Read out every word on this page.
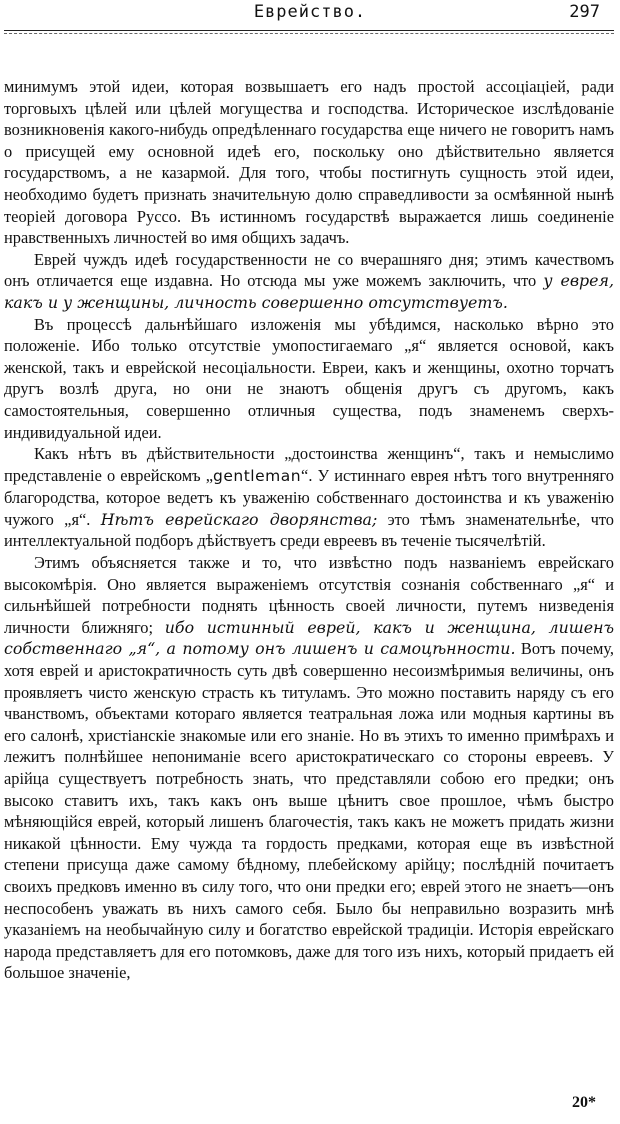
Еврейство.	297

минимумъ этой идеи, которая возвышаетъ его надъ простой ассоціаціей, ради торговыхъ цѣлей или цѣлей могущества и господства. Историческое изслѣдованіе возникновенія какого-нибудь опредѣленнаго государства еще ничего не говоритъ намъ о присущей ему основной идеѣ его, поскольку оно дѣйствительно является государствомъ, а не казармой. Для того, чтобы постигнуть сущность этой идеи, необходимо будетъ признать значительную долю справедливости за осмѣянной нынѣ теоріей договора Руссо. Въ истинномъ государствѣ выражается лишь соединеніе нравственныхъ личностей во имя общихъ задачъ.

Еврей чуждъ идеѣ государственности не со вчерашняго дня; этимъ качествомъ онъ отличается еще издавна. Но отсюда мы уже можемъ заключить, что у еврея, какъ и у женщины, личность совершенно отсутствуетъ.

Въ процессѣ дальнѣйшаго изложенія мы убѣдимся, насколько вѣрно это положеніе. Ибо только отсутствіе умопостигаемаго „я“ является основой, какъ женской, такъ и еврейской несоціальности. Евреи, какъ и женщины, охотно торчатъ другъ возлѣ друга, но они не знаютъ общенія другъ съ другомъ, какъ самостоятельныя, совершенно отличныя существа, подъ знаменемъ сверхъ-индивидуальной идеи.

Какъ нѣтъ въ дѣйствительности „достоинства женщинъ“, такъ и немыслимо представленіе о еврейскомъ „gentleman“. У истиннаго еврея нѣтъ того внутренняго благородства, которое ведетъ къ уваженію собственнаго достоинства и къ уваженію чужого „я“. Нѣтъ еврейскаго дворянства; это тѣмъ знаменательнѣе, что интеллектуальной подборъ дѣйствуетъ среди евреевъ въ теченіе тысячелѣтій.

Этимъ объясняется также и то, что извѣстно подъ названіемъ еврейскаго высокомѣрія. Оно является выраженіемъ отсутствія сознанія собственнаго „я“ и сильнѣйшей потребности поднять цѣнность своей личности, путемъ низведенія личности ближняго; ибо истинный еврей, какъ и женщина, лишенъ собственнаго „я“, а потому онъ лишенъ и самоцѣнности. Вотъ почему, хотя еврей и аристократичность суть двѣ совершенно несоизмѣримыя величины, онъ проявляетъ чисто женскую страсть къ титуламъ. Это можно поставить наряду съ его чванствомъ, объектами котораго является театральная ложа или модныя картины въ его салонѣ, христіанскіе знакомые или его знаніе. Но въ этихъ то именно примѣрахъ и лежитъ полнѣйшее непониманіе всего аристократическаго со стороны евреевъ. У арійца существуетъ потребность знать, что представляли собою его предки; онъ высоко ставитъ ихъ, такъ какъ онъ выше цѣнитъ свое прошлое, чѣмъ быстро мѣняющійся еврей, который лишенъ благочестія, такъ какъ не можетъ придать жизни никакой цѣнности. Ему чужда та гордость предками, которая еще въ извѣстной степени присуща даже самому бѣдному, плебейскому арійцу; послѣдній почитаетъ своихъ предковъ именно въ силу того, что они предки его; еврей этого не знаетъ—онъ неспособенъ уважать въ нихъ самого себя. Было бы неправильно возразить мнѣ указаніемъ на необычайную силу и богатство еврейской традиціи. Исторія еврейскаго народа представляетъ для его потомковъ, даже для того изъ нихъ, который придаетъ ей большое значеніе,

20*
